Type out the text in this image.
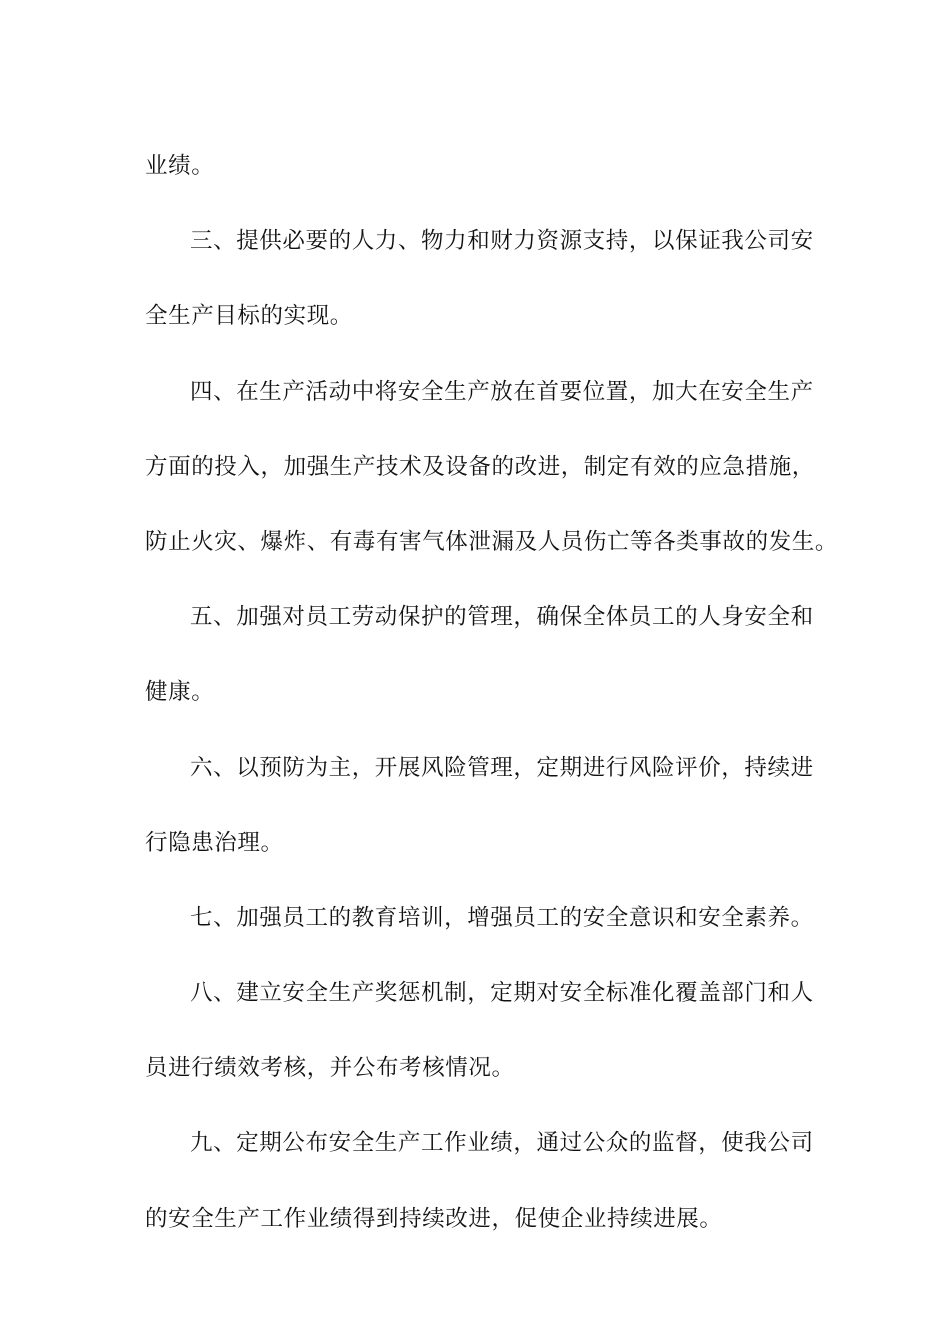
业绩。
三、提供必要的人力、物力和财力资源支持，以保证我公司安
全生产目标的实现。
四、在生产活动中将安全生产放在首要位置，加大在安全生产
方面的投入，加强生产技术及设备的改进，制定有效的应急措施，
防止火灾、爆炸、有毒有害气体泄漏及人员伤亡等各类事故的发生。
五、加强对员工劳动保护的管理，确保全体员工的人身安全和
健康。
六、以预防为主，开展风险管理，定期进行风险评价，持续进
行隐患治理。
七、加强员工的教育培训，增强员工的安全意识和安全素养。
八、建立安全生产奖惩机制，定期对安全标准化覆盖部门和人
员进行绩效考核，并公布考核情况。
九、定期公布安全生产工作业绩，通过公众的监督，使我公司
的安全生产工作业绩得到持续改进，促使企业持续进展。
